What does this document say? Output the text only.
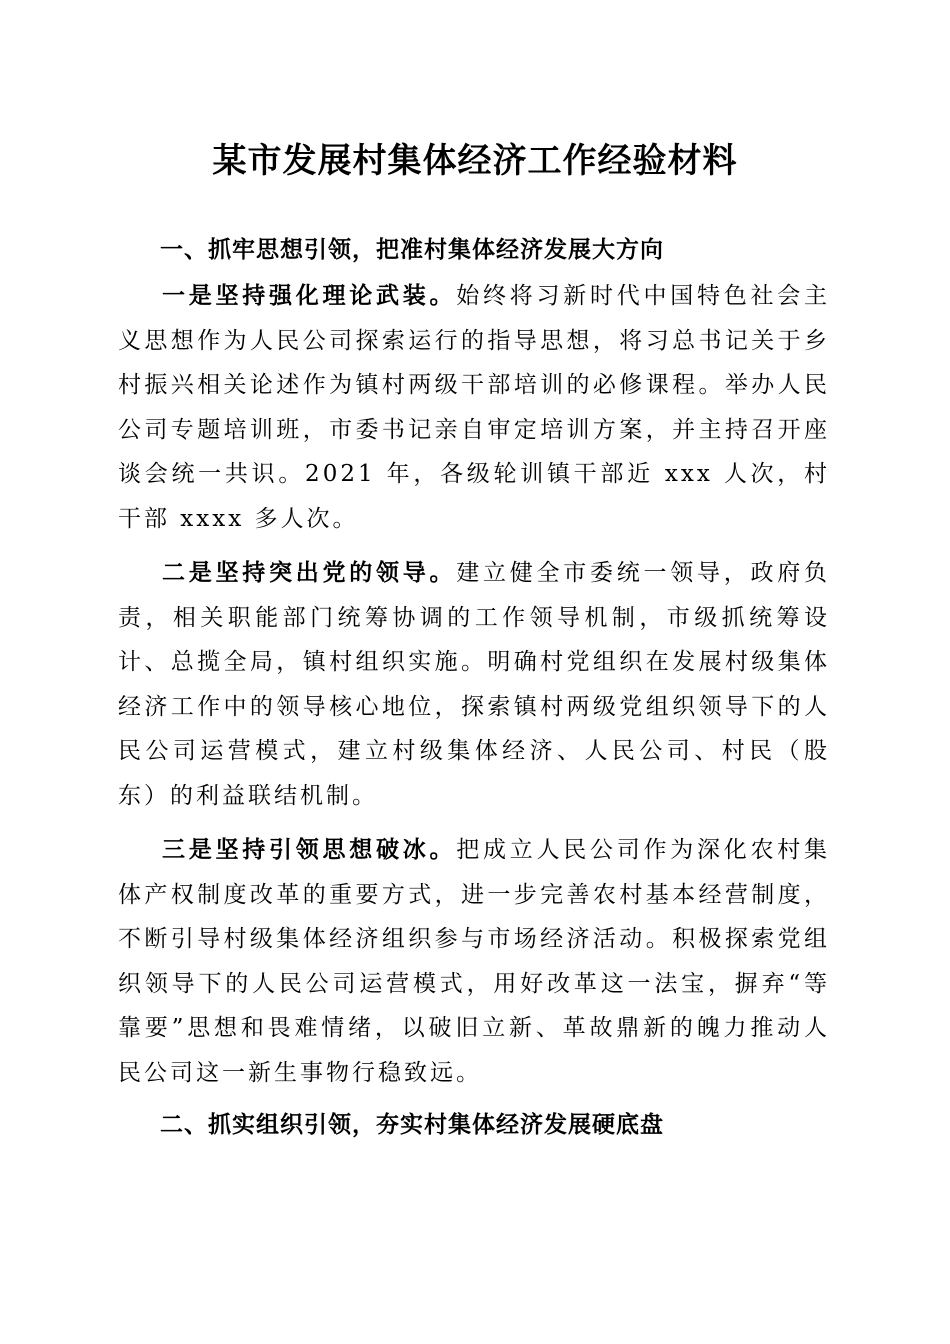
某市发展村集体经济工作经验材料
一、抓牢思想引领，把准村集体经济发展大方向

一是坚持强化理论武装。始终将习新时代中国特色社会主义思想作为人民公司探索运行的指导思想，将习总书记关于乡村振兴相关论述作为镇村两级干部培训的必修课程。举办人民公司专题培训班，市委书记亲自审定培训方案，并主持召开座谈会统一共识。2021 年，各级轮训镇干部近 xxx 人次，村干部 xxxx 多人次。

二是坚持突出党的领导。建立健全市委统一领导，政府负责，相关职能部门统筹协调的工作领导机制，市级抓统筹设计、总揽全局，镇村组织实施。明确村党组织在发展村级集体经济工作中的领导核心地位，探索镇村两级党组织领导下的人民公司运营模式，建立村级集体经济、人民公司、村民（股东）的利益联结机制。

三是坚持引领思想破冰。把成立人民公司作为深化农村集体产权制度改革的重要方式，进一步完善农村基本经营制度，不断引导村级集体经济组织参与市场经济活动。积极探索党组织领导下的人民公司运营模式，用好改革这一法宝，摒弃“等靠要”思想和畏难情绪，以破旧立新、革故鼎新的魄力推动人民公司这一新生事物行稳致远。

二、抓实组织引领，夯实村集体经济发展硬底盘
